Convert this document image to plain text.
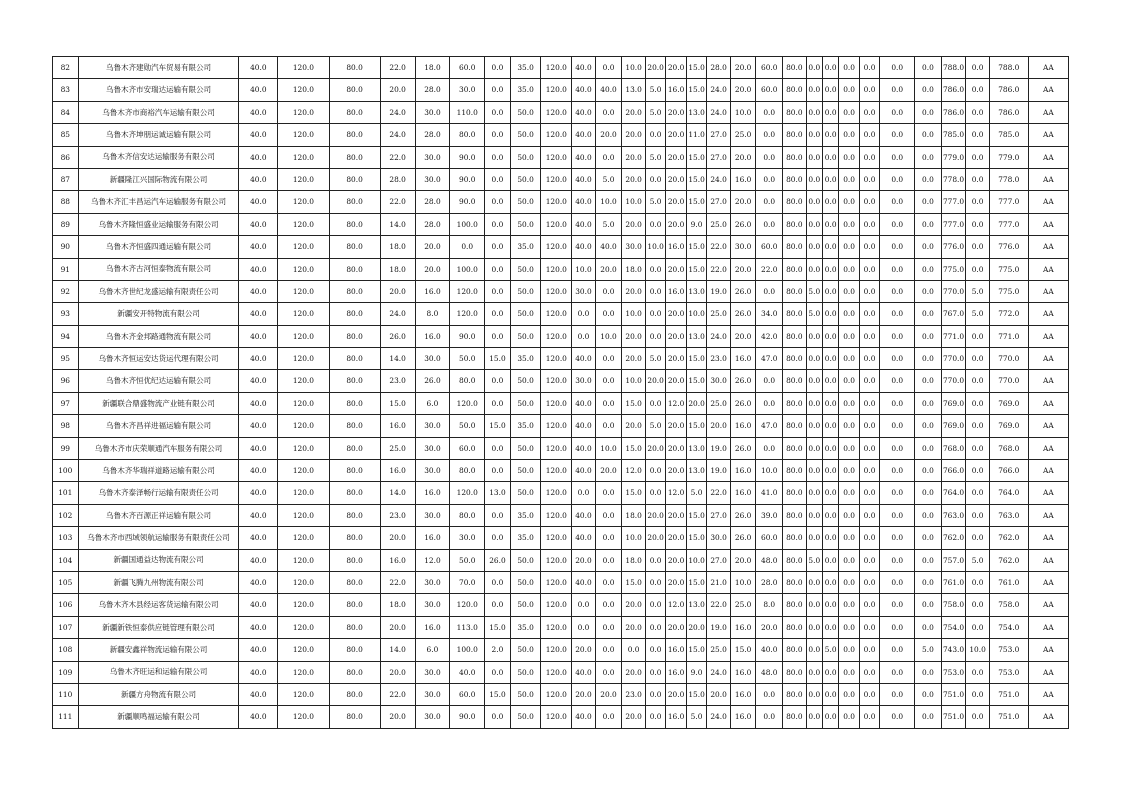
82	乌鲁木齐建勋汽车贸易有限公司	40.0	120.0	80.0	22.0	18.0	60.0	0.0	35.0	120.0	40.0	0.0	10.0	20.0	20.0	15.0	28.0	20.0	60.0	80.0	0.0	0.0	0.0	0.0	0.0	0.0	788.0	0.0	788.0	AA
83	乌鲁木齐市安瑞达运输有限公司	40.0	120.0	80.0	20.0	28.0	30.0	0.0	35.0	120.0	40.0	40.0	13.0	5.0	16.0	15.0	24.0	20.0	60.0	80.0	0.0	0.0	0.0	0.0	0.0	0.0	786.0	0.0	786.0	AA
84	乌鲁木齐市商裕汽车运输有限公司	40.0	120.0	80.0	24.0	30.0	110.0	0.0	50.0	120.0	40.0	0.0	20.0	5.0	20.0	13.0	24.0	10.0	0.0	80.0	0.0	0.0	0.0	0.0	0.0	0.0	786.0	0.0	786.0	AA
85	乌鲁木齐坤朋运诚运输有限公司	40.0	120.0	80.0	24.0	28.0	80.0	0.0	50.0	120.0	40.0	20.0	20.0	0.0	20.0	11.0	27.0	25.0	0.0	80.0	0.0	0.0	0.0	0.0	0.0	0.0	785.0	0.0	785.0	AA
86	乌鲁木齐信安达运输服务有限公司	40.0	120.0	80.0	22.0	30.0	90.0	0.0	50.0	120.0	40.0	0.0	20.0	5.0	20.0	15.0	27.0	20.0	0.0	80.0	0.0	0.0	0.0	0.0	0.0	0.0	779.0	0.0	779.0	AA
87	新疆隆江兴国际物流有限公司	40.0	120.0	80.0	28.0	30.0	90.0	0.0	50.0	120.0	40.0	5.0	20.0	0.0	20.0	15.0	24.0	16.0	0.0	80.0	0.0	0.0	0.0	0.0	0.0	0.0	778.0	0.0	778.0	AA
88	乌鲁木齐汇丰昌运汽车运输服务有限公司	40.0	120.0	80.0	22.0	28.0	90.0	0.0	50.0	120.0	40.0	10.0	10.0	5.0	20.0	15.0	27.0	20.0	0.0	80.0	0.0	0.0	0.0	0.0	0.0	0.0	777.0	0.0	777.0	AA
89	乌鲁木齐隆恒盛业运输服务有限公司	40.0	120.0	80.0	14.0	28.0	100.0	0.0	50.0	120.0	40.0	5.0	20.0	0.0	20.0	9.0	25.0	26.0	0.0	80.0	0.0	0.0	0.0	0.0	0.0	0.0	777.0	0.0	777.0	AA
90	乌鲁木齐恒盛四通运输有限公司	40.0	120.0	80.0	18.0	20.0	0.0	0.0	35.0	120.0	40.0	40.0	30.0	10.0	16.0	15.0	22.0	30.0	60.0	80.0	0.0	0.0	0.0	0.0	0.0	0.0	776.0	0.0	776.0	AA
91	乌鲁木齐古河恒泰物流有限公司	40.0	120.0	80.0	18.0	20.0	100.0	0.0	50.0	120.0	10.0	20.0	18.0	0.0	20.0	15.0	22.0	20.0	22.0	80.0	0.0	0.0	0.0	0.0	0.0	0.0	775.0	0.0	775.0	AA
92	乌鲁木齐世纪龙盛运输有限责任公司	40.0	120.0	80.0	20.0	16.0	120.0	0.0	50.0	120.0	30.0	0.0	20.0	0.0	16.0	13.0	19.0	26.0	0.0	80.0	5.0	0.0	0.0	0.0	0.0	0.0	770.0	5.0	775.0	AA
93	新疆安开特物流有限公司	40.0	120.0	80.0	24.0	8.0	120.0	0.0	50.0	120.0	0.0	0.0	10.0	0.0	20.0	10.0	25.0	26.0	34.0	80.0	5.0	0.0	0.0	0.0	0.0	0.0	767.0	5.0	772.0	AA
94	乌鲁木齐金邦路通物流有限公司	40.0	120.0	80.0	26.0	16.0	90.0	0.0	50.0	120.0	0.0	10.0	20.0	0.0	20.0	13.0	24.0	20.0	42.0	80.0	0.0	0.0	0.0	0.0	0.0	0.0	771.0	0.0	771.0	AA
95	乌鲁木齐恒运安达货运代理有限公司	40.0	120.0	80.0	14.0	30.0	50.0	15.0	35.0	120.0	40.0	0.0	20.0	5.0	20.0	15.0	23.0	16.0	47.0	80.0	0.0	0.0	0.0	0.0	0.0	0.0	770.0	0.0	770.0	AA
96	乌鲁木齐恒优纪达运输有限公司	40.0	120.0	80.0	23.0	26.0	80.0	0.0	50.0	120.0	30.0	0.0	10.0	20.0	20.0	15.0	30.0	26.0	0.0	80.0	0.0	0.0	0.0	0.0	0.0	0.0	770.0	0.0	770.0	AA
97	新疆联合鼎盛物流产业链有限公司	40.0	120.0	80.0	15.0	6.0	120.0	0.0	50.0	120.0	40.0	0.0	15.0	0.0	12.0	20.0	25.0	26.0	0.0	80.0	0.0	0.0	0.0	0.0	0.0	0.0	769.0	0.0	769.0	AA
98	乌鲁木齐昌祥进福运输有限公司	40.0	120.0	80.0	16.0	30.0	50.0	15.0	35.0	120.0	40.0	0.0	20.0	5.0	20.0	15.0	20.0	16.0	47.0	80.0	0.0	0.0	0.0	0.0	0.0	0.0	769.0	0.0	769.0	AA
99	乌鲁木齐市庆荣顺通汽车服务有限公司	40.0	120.0	80.0	25.0	30.0	60.0	0.0	50.0	120.0	40.0	10.0	15.0	20.0	20.0	13.0	19.0	26.0	0.0	80.0	0.0	0.0	0.0	0.0	0.0	0.0	768.0	0.0	768.0	AA
100	乌鲁木齐华瑞祥道路运输有限公司	40.0	120.0	80.0	16.0	30.0	80.0	0.0	50.0	120.0	40.0	20.0	12.0	0.0	20.0	13.0	19.0	16.0	10.0	80.0	0.0	0.0	0.0	0.0	0.0	0.0	766.0	0.0	766.0	AA
101	乌鲁木齐泰泽畅行运输有限责任公司	40.0	120.0	80.0	14.0	16.0	120.0	13.0	50.0	120.0	0.0	0.0	15.0	0.0	12.0	5.0	22.0	16.0	41.0	80.0	0.0	0.0	0.0	0.0	0.0	0.0	764.0	0.0	764.0	AA
102	乌鲁木齐百源正祥运输有限公司	40.0	120.0	80.0	23.0	30.0	80.0	0.0	35.0	120.0	40.0	0.0	18.0	20.0	20.0	15.0	27.0	26.0	39.0	80.0	0.0	0.0	0.0	0.0	0.0	0.0	763.0	0.0	763.0	AA
103	乌鲁木齐市西域领航运输服务有限责任公司	40.0	120.0	80.0	20.0	16.0	30.0	0.0	35.0	120.0	40.0	0.0	10.0	20.0	20.0	15.0	30.0	26.0	60.0	80.0	0.0	0.0	0.0	0.0	0.0	0.0	762.0	0.0	762.0	AA
104	新疆国通益达物流有限公司	40.0	120.0	80.0	16.0	12.0	50.0	26.0	50.0	120.0	20.0	0.0	18.0	0.0	20.0	10.0	27.0	20.0	48.0	80.0	5.0	0.0	0.0	0.0	0.0	0.0	757.0	5.0	762.0	AA
105	新疆飞腾九州物流有限公司	40.0	120.0	80.0	22.0	30.0	70.0	0.0	50.0	120.0	40.0	0.0	15.0	0.0	20.0	15.0	21.0	10.0	28.0	80.0	0.0	0.0	0.0	0.0	0.0	0.0	761.0	0.0	761.0	AA
106	乌鲁木齐木县经运客货运输有限公司	40.0	120.0	80.0	18.0	30.0	120.0	0.0	50.0	120.0	0.0	0.0	20.0	0.0	12.0	13.0	22.0	25.0	8.0	80.0	0.0	0.0	0.0	0.0	0.0	0.0	758.0	0.0	758.0	AA
107	新疆新铁恒泰供应链管理有限公司	40.0	120.0	80.0	20.0	16.0	113.0	15.0	35.0	120.0	0.0	0.0	20.0	0.0	20.0	20.0	19.0	16.0	20.0	80.0	0.0	0.0	0.0	0.0	0.0	0.0	754.0	0.0	754.0	AA
108	新疆安鑫祥物流运输有限公司	40.0	120.0	80.0	14.0	6.0	100.0	2.0	50.0	120.0	20.0	0.0	0.0	0.0	16.0	15.0	25.0	15.0	40.0	80.0	0.0	5.0	0.0	0.0	0.0	5.0	743.0	10.0	753.0	AA
109	乌鲁木齐旺运和运输有限公司	40.0	120.0	80.0	20.0	30.0	40.0	0.0	50.0	120.0	40.0	0.0	20.0	0.0	16.0	9.0	24.0	16.0	48.0	80.0	0.0	0.0	0.0	0.0	0.0	0.0	753.0	0.0	753.0	AA
110	新疆方舟物流有限公司	40.0	120.0	80.0	22.0	30.0	60.0	15.0	50.0	120.0	20.0	20.0	23.0	0.0	20.0	15.0	20.0	16.0	0.0	80.0	0.0	0.0	0.0	0.0	0.0	0.0	751.0	0.0	751.0	AA
111	新疆顺鸣福运输有限公司	40.0	120.0	80.0	20.0	30.0	90.0	0.0	50.0	120.0	40.0	0.0	20.0	0.0	16.0	5.0	24.0	16.0	0.0	80.0	0.0	0.0	0.0	0.0	0.0	0.0	751.0	0.0	751.0	AA
